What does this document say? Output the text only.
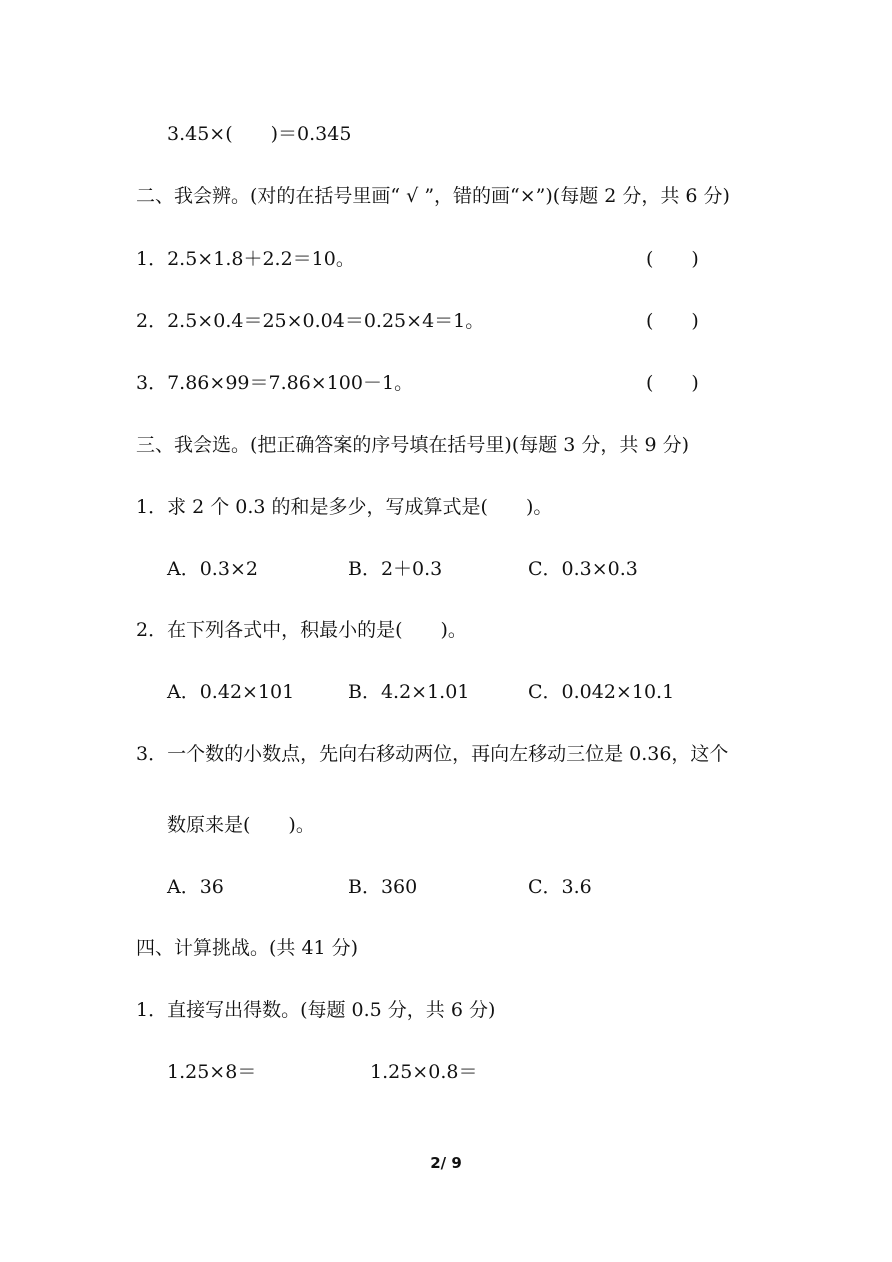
3.45×(　　)＝0.345
二、我会辨。(对的在括号里画“ √ ”，错的画“×”)(每题 2 分，共 6 分)
1．2.5×1.8＋2.2＝10。	(　　)
2．2.5×0.4＝25×0.04＝0.25×4＝1。	(　　)
3．7.86×99＝7.86×100－1。	(　　)
三、我会选。(把正确答案的序号填在括号里)(每题 3 分，共 9 分)
1．求 2 个 0.3 的和是多少，写成算式是(　　)。
A．0.3×2	B．2＋0.3	C．0.3×0.3
2．在下列各式中，积最小的是(　　)。
A．0.42×101	B．4.2×1.01	C．0.042×10.1
3．一个数的小数点，先向右移动两位，再向左移动三位是 0.36，这个
数原来是(　　)。
A．36	B．360	C．3.6
四、计算挑战。(共 41 分)
1．直接写出得数。(每题 0.5 分，共 6 分)
1.25×8＝	1.25×0.8＝
2/ 9
